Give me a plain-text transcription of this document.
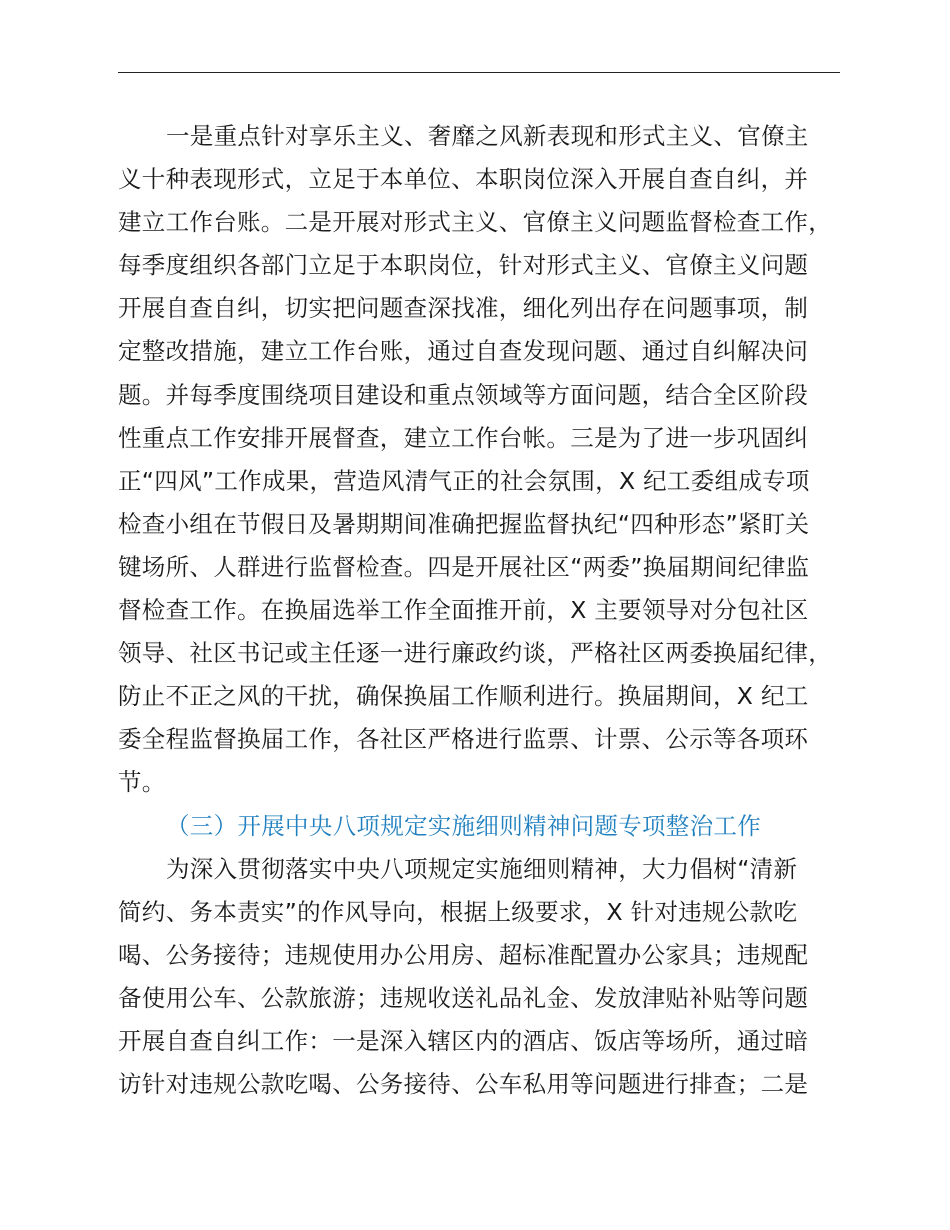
一是重点针对享乐主义、奢靡之风新表现和形式主义、官僚主
义十种表现形式，立足于本单位、本职岗位深入开展自查自纠，并
建立工作台账。二是开展对形式主义、官僚主义问题监督检查工作，
每季度组织各部门立足于本职岗位，针对形式主义、官僚主义问题
开展自查自纠，切实把问题查深找准，细化列出存在问题事项，制
定整改措施，建立工作台账，通过自查发现问题、通过自纠解决问
题。并每季度围绕项目建设和重点领域等方面问题，结合全区阶段
性重点工作安排开展督查，建立工作台帐。三是为了进一步巩固纠
正“四风”工作成果，营造风清气正的社会氛围，X 纪工委组成专项
检查小组在节假日及暑期期间准确把握监督执纪“四种形态”紧盯关
键场所、人群进行监督检查。四是开展社区“两委”换届期间纪律监
督检查工作。在换届选举工作全面推开前，X 主要领导对分包社区
领导、社区书记或主任逐一进行廉政约谈，严格社区两委换届纪律，
防止不正之风的干扰，确保换届工作顺利进行。换届期间，X 纪工
委全程监督换届工作，各社区严格进行监票、计票、公示等各项环
节。
（三）开展中央八项规定实施细则精神问题专项整治工作
为深入贯彻落实中央八项规定实施细则精神，大力倡树“清新
简约、务本责实”的作风导向，根据上级要求，X 针对违规公款吃
喝、公务接待；违规使用办公用房、超标准配置办公家具；违规配
备使用公车、公款旅游；违规收送礼品礼金、发放津贴补贴等问题
开展自查自纠工作：一是深入辖区内的酒店、饭店等场所，通过暗
访针对违规公款吃喝、公务接待、公车私用等问题进行排查；二是
